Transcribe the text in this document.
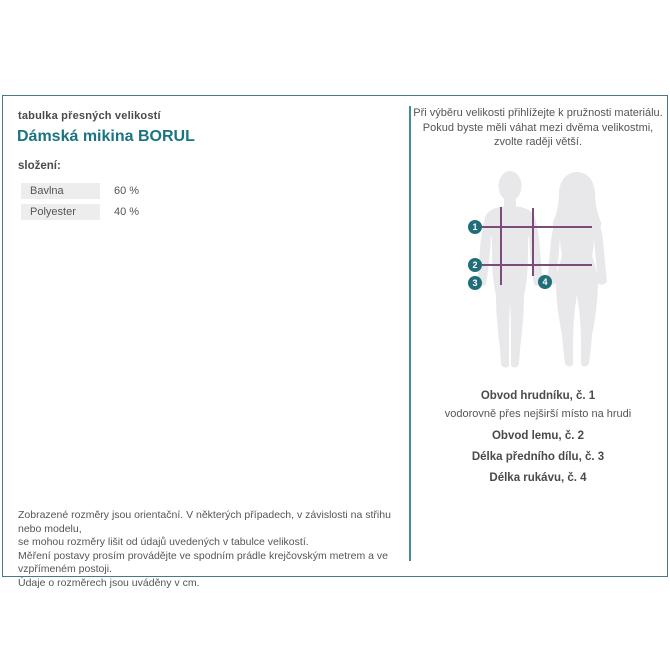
tabulka přesných velikostí
Dámská mikina BORUL
složení:
Bavlna	60 %
Polyester	40 %
Zobrazené rozměry jsou orientační. V některých případech, v závislosti na střihu nebo modelu,
se mohou rozměry lišit od údajů uvedených v tabulce velikostí.
Měření postavy prosím provádějte ve spodním prádle krejčovským metrem a ve vzpřímeném postoji.
Údaje o rozměrech jsou uváděny v cm.
Při výběru velikosti přihlížejte k pružnosti materiálu.
Pokud byste měli váhat mezi dvěma velikostmi,
zvolte raději větší.
1
2
3	4
Obvod hrudníku, č. 1
vodorovně přes nejširší místo na hrudi
Obvod lemu, č. 2
Délka předního dílu, č. 3
Délka rukávu, č. 4
